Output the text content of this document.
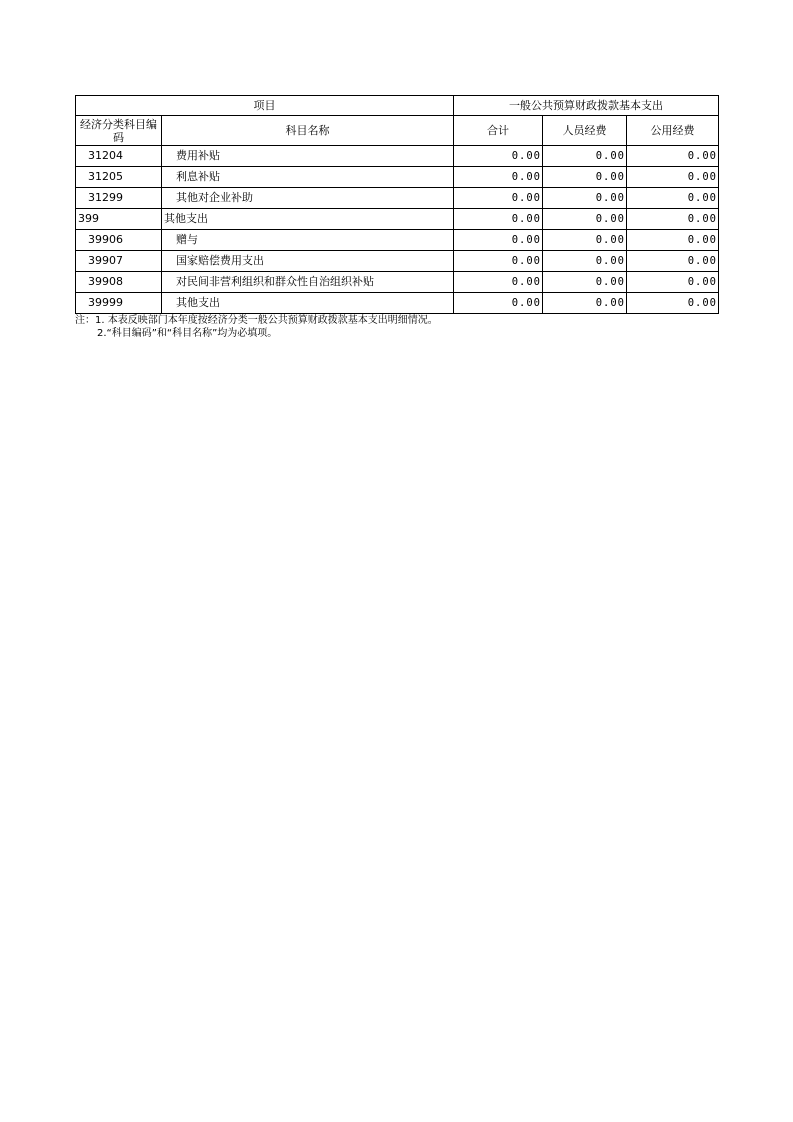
项目		一般公共预算财政拨款基本支出		
经济分类科目编码	科目名称	合计	人员经费	公用经费
31204	费用补贴	0.00	0.00	0.00
31205	利息补贴	0.00	0.00	0.00
31299	其他对企业补助	0.00	0.00	0.00
399	其他支出	0.00	0.00	0.00
39906	赠与	0.00	0.00	0.00
39907	国家赔偿费用支出	0.00	0.00	0.00
39908	对民间非营利组织和群众性自治组织补贴	0.00	0.00	0.00
39999	其他支出	0.00	0.00	0.00
注：1. 本表反映部门本年度按经济分类一般公共预算财政拨款基本支出明细情况。
2.“科目编码”和“科目名称”均为必填项。
